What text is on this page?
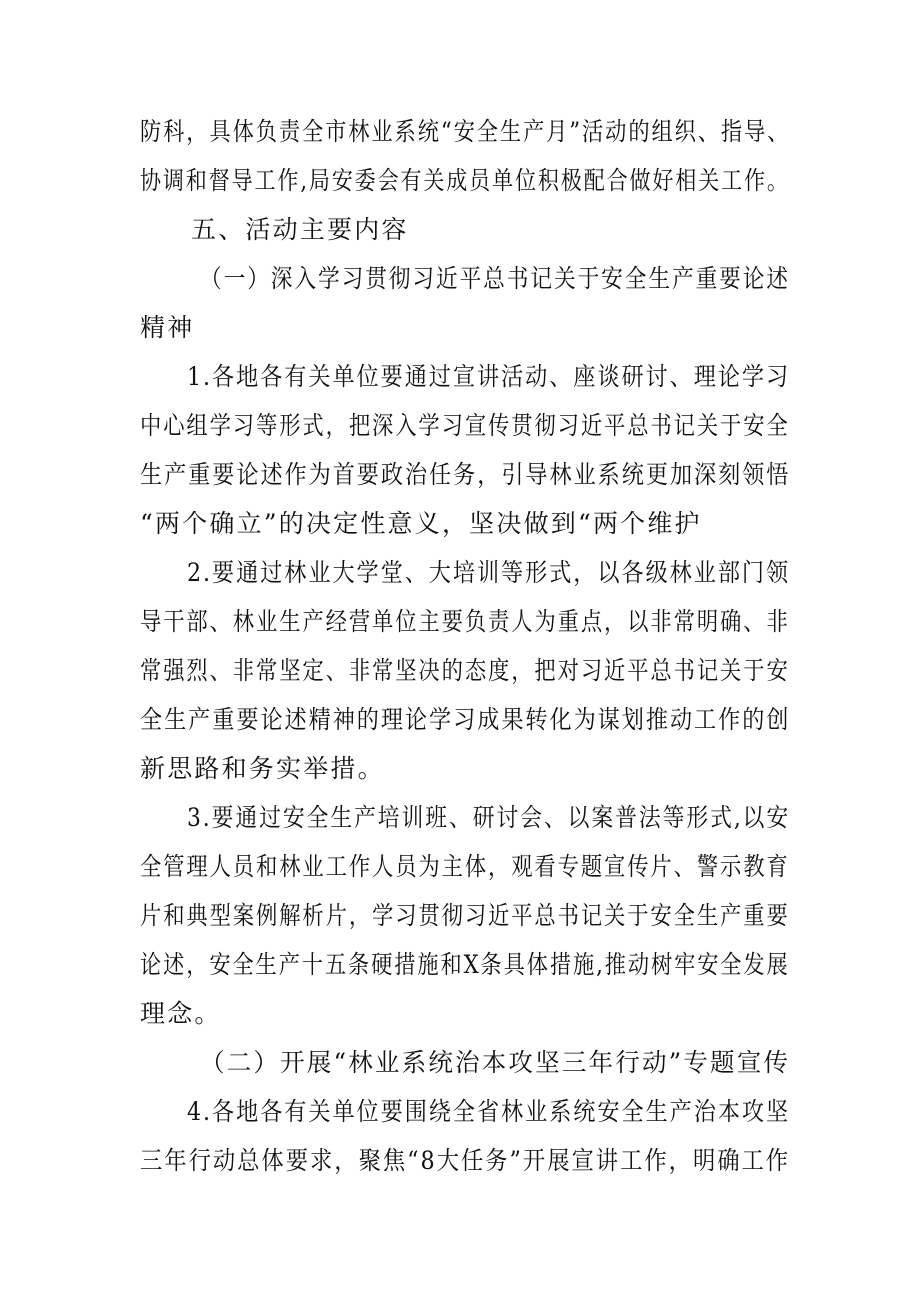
防科，具体负责全市林业系统“安全生产月”活动的组织、指导、
协调和督导工作,局安委会有关成员单位积极配合做好相关工作。
五、活动主要内容
（一）深入学习贯彻习近平总书记关于安全生产重要论述
精神
1.各地各有关单位要通过宣讲活动、座谈研讨、理论学习
中心组学习等形式，把深入学习宣传贯彻习近平总书记关于安全
生产重要论述作为首要政治任务，引导林业系统更加深刻领悟
“两个确立”的决定性意义，坚决做到“两个维护
2.要通过林业大学堂、大培训等形式，以各级林业部门领
导干部、林业生产经营单位主要负责人为重点，以非常明确、非
常强烈、非常坚定、非常坚决的态度，把对习近平总书记关于安
全生产重要论述精神的理论学习成果转化为谋划推动工作的创
新思路和务实举措。
3.要通过安全生产培训班、研讨会、以案普法等形式,以安
全管理人员和林业工作人员为主体，观看专题宣传片、警示教育
片和典型案例解析片，学习贯彻习近平总书记关于安全生产重要
论述，安全生产十五条硬措施和X条具体措施,推动树牢安全发展
理念。
（二）开展“林业系统治本攻坚三年行动”专题宣传
4.各地各有关单位要围绕全省林业系统安全生产治本攻坚
三年行动总体要求，聚焦“8大任务”开展宣讲工作，明确工作
